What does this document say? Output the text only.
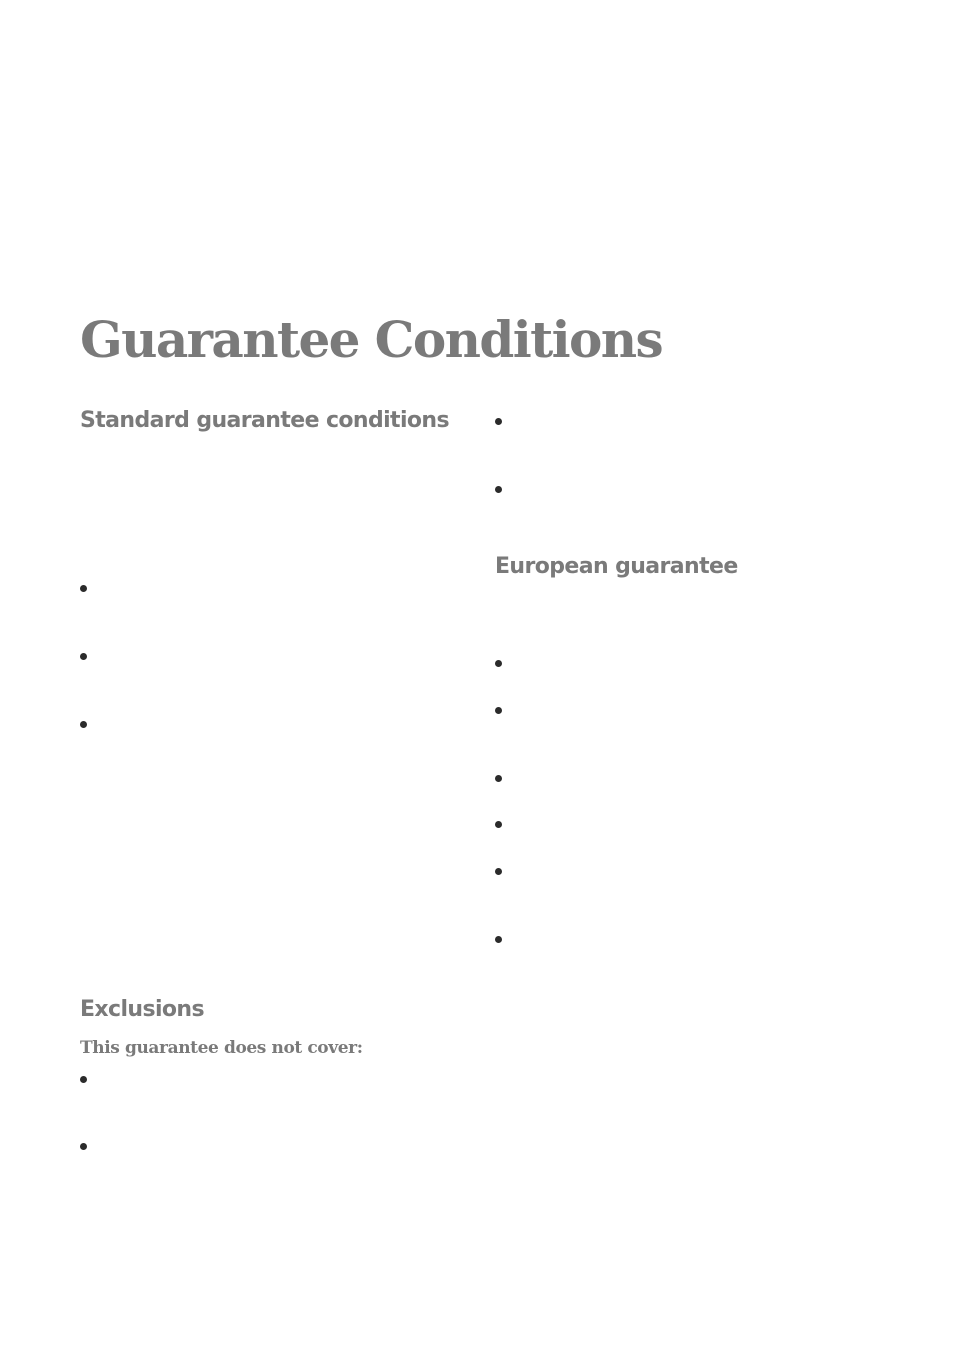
Guarantee Conditions
Standard guarantee conditions
Exclusions

This guarantee does not cover:

European guarantee
